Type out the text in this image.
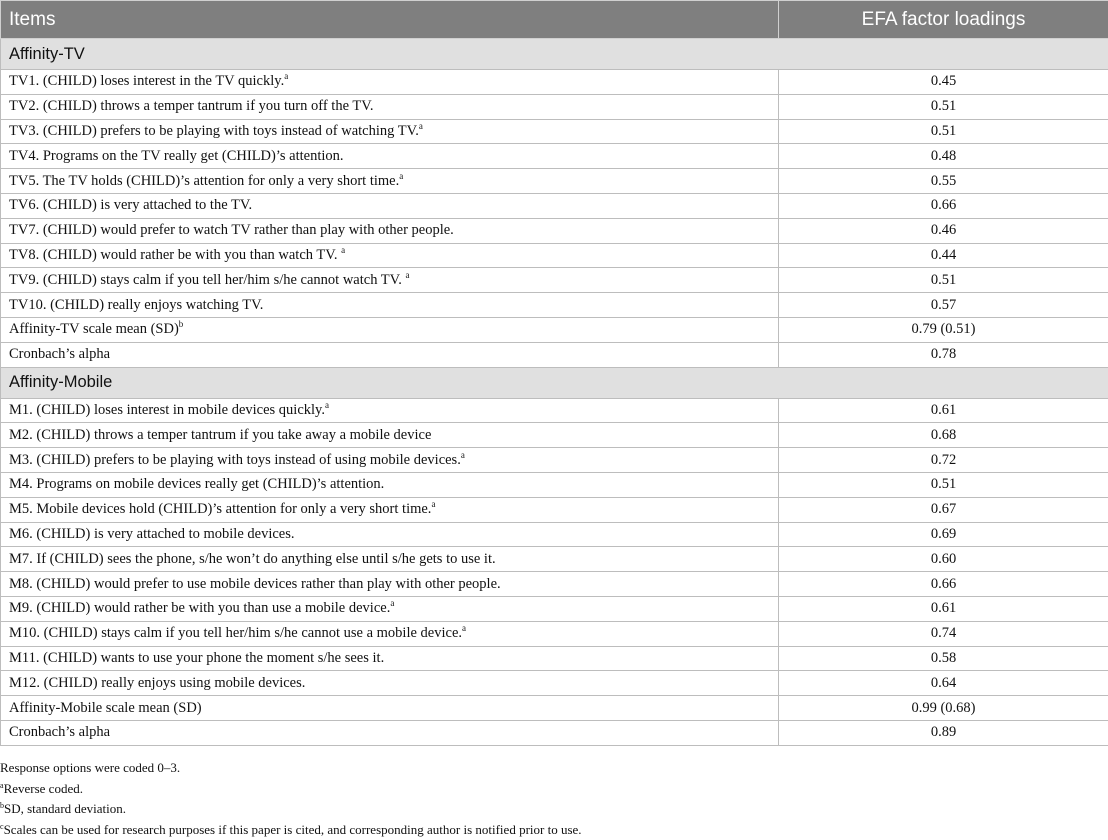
Items	EFA factor loadings
Affinity-TV	
TV1. (CHILD) loses interest in the TV quickly.$^a$	0.45
TV2. (CHILD) throws a temper tantrum if you turn off the TV.	0.51
TV3. (CHILD) prefers to be playing with toys instead of watching TV.$^a$	0.51
TV4. Programs on the TV really get (CHILD)’s attention.	0.48
TV5. The TV holds (CHILD)’s attention for only a very short time.$^a$	0.55
TV6. (CHILD) is very attached to the TV.	0.66
TV7. (CHILD) would prefer to watch TV rather than play with other people.	0.46
TV8. (CHILD) would rather be with you than watch TV. $^a$	0.44
TV9. (CHILD) stays calm if you tell her/him s/he cannot watch TV. $^a$	0.51
TV10. (CHILD) really enjoys watching TV.	0.57
Affinity-TV scale mean (SD)$^b$	0.79 (0.51)
Cronbach’s alpha	0.78
Affinity-Mobile	
M1. (CHILD) loses interest in mobile devices quickly.$^a$	0.61
M2. (CHILD) throws a temper tantrum if you take away a mobile device	0.68
M3. (CHILD) prefers to be playing with toys instead of using mobile devices.$^a$	0.72
M4. Programs on mobile devices really get (CHILD)’s attention.	0.51
M5. Mobile devices hold (CHILD)’s attention for only a very short time.$^a$	0.67
M6. (CHILD) is very attached to mobile devices.	0.69
M7. If (CHILD) sees the phone, s/he won’t do anything else until s/he gets to use it.	0.60
M8. (CHILD) would prefer to use mobile devices rather than play with other people.	0.66
M9. (CHILD) would rather be with you than use a mobile device.$^a$	0.61
M10. (CHILD) stays calm if you tell her/him s/he cannot use a mobile device.$^a$	0.74
M11. (CHILD) wants to use your phone the moment s/he sees it.	0.58
M12. (CHILD) really enjoys using mobile devices.	0.64
Affinity-Mobile scale mean (SD)	0.99 (0.68)
Cronbach’s alpha	0.89
Response options were coded 0–3.
$^a$Reverse coded.
$^b$SD, standard deviation.
$^c$Scales can be used for research purposes if this paper is cited, and corresponding author is notified prior to use.
